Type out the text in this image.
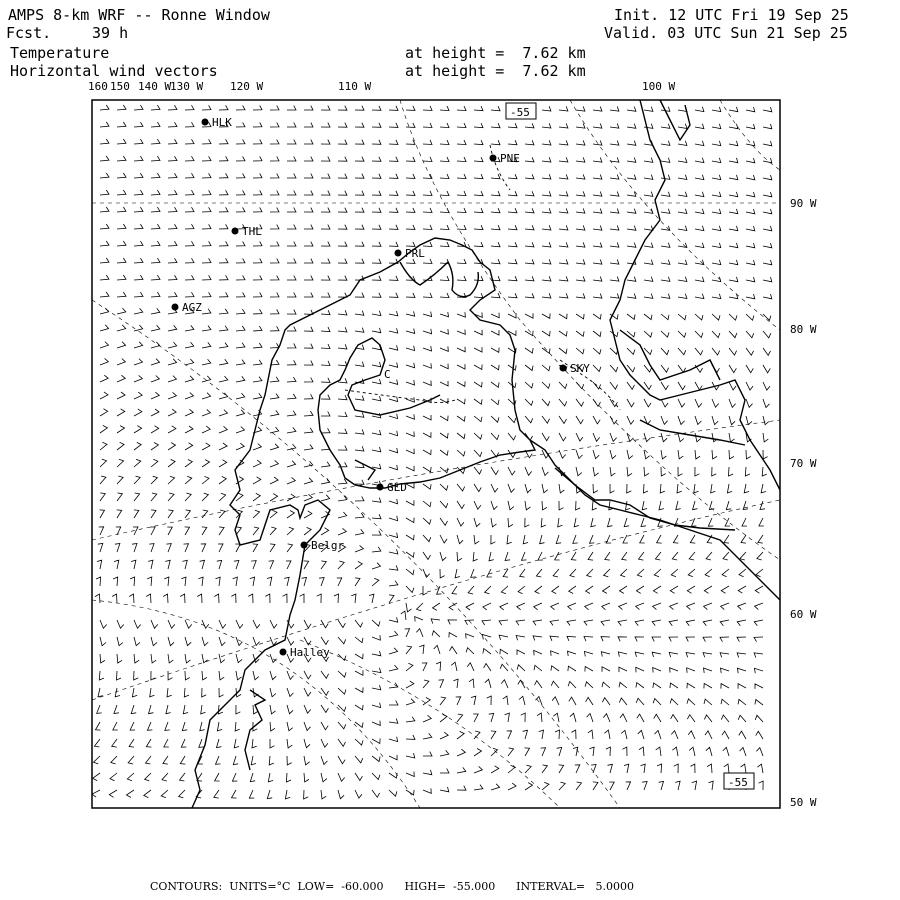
AMPS 8-km WRF -- Ronne Window
Fcst.	39 h
Temperature
Horizontal wind vectors
at height =  7.62 km
at height =  7.62 km
Init. 12 UTC Fri 19 Sep 25
Valid. 03 UTC Sun 21 Sep 25
160 150 140 W
130 W 120 W	110 W	100 W
90 W
80 W
70 W
60 W
50 W
-55
-55
HLK
PNE
THL
PRL
AGZ
SKY
GLD
Belgr
Halley
C
CONTOURS:  UNITS=°C  LOW=  -60.000      HIGH=  -55.000      INTERVAL=   5.0000
